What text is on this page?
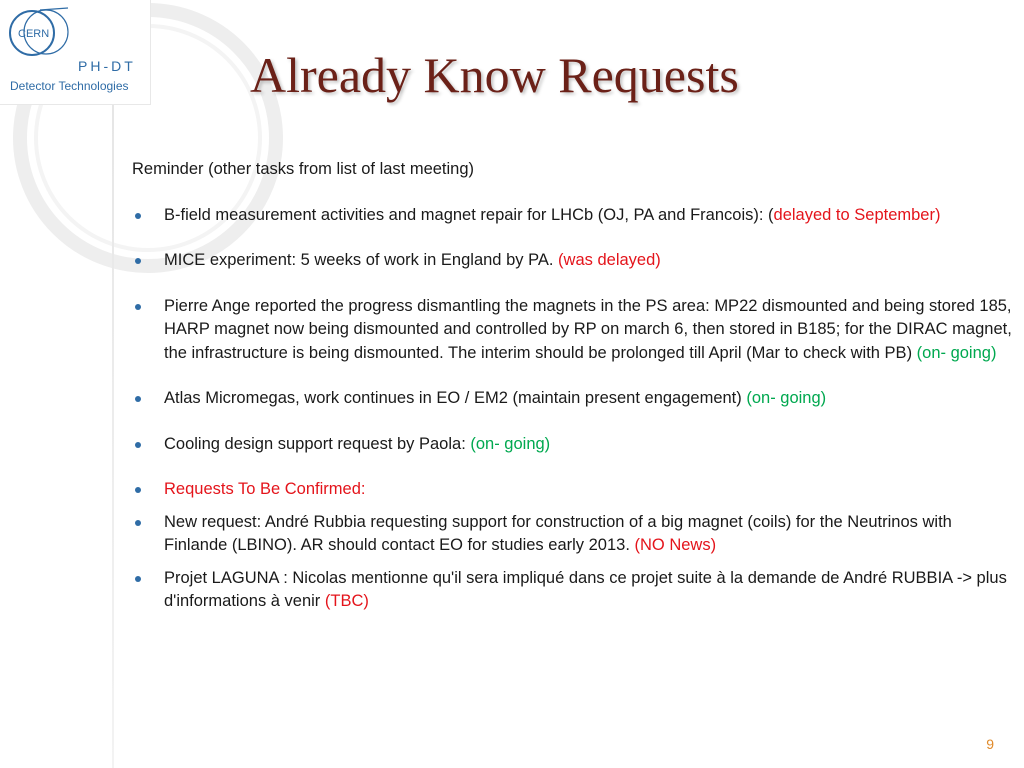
CERN
PH-DT
Detector Technologies Already Know Requests

Reminder (other tasks from list of last meeting)

B-field measurement activities and magnet repair for LHCb (OJ, PA and Francois): (delayed to September)
MICE experiment: 5 weeks of work in England by PA. (was delayed)
Pierre Ange reported the progress dismantling the magnets in the PS area: MP22 dismounted and being stored 185, HARP magnet now being dismounted and controlled by RP on march 6, then stored in B185; for the DIRAC magnet, the infrastructure is being dismounted. The interim should be prolonged till April (Mar to check with PB) (on- going)
Atlas Micromegas, work continues in EO / EM2 (maintain present engagement) (on- going)
Cooling design support request by Paola: (on- going)
Requests To Be Confirmed:
New request: André Rubbia requesting support for construction of a big magnet (coils) for the Neutrinos with Finlande (LBINO). AR should contact EO for studies early 2013. (NO News)
Projet LAGUNA : Nicolas mentionne qu'il sera impliqué dans ce projet suite à la demande de André RUBBIA -> plus d'informations à venir (TBC)
9
